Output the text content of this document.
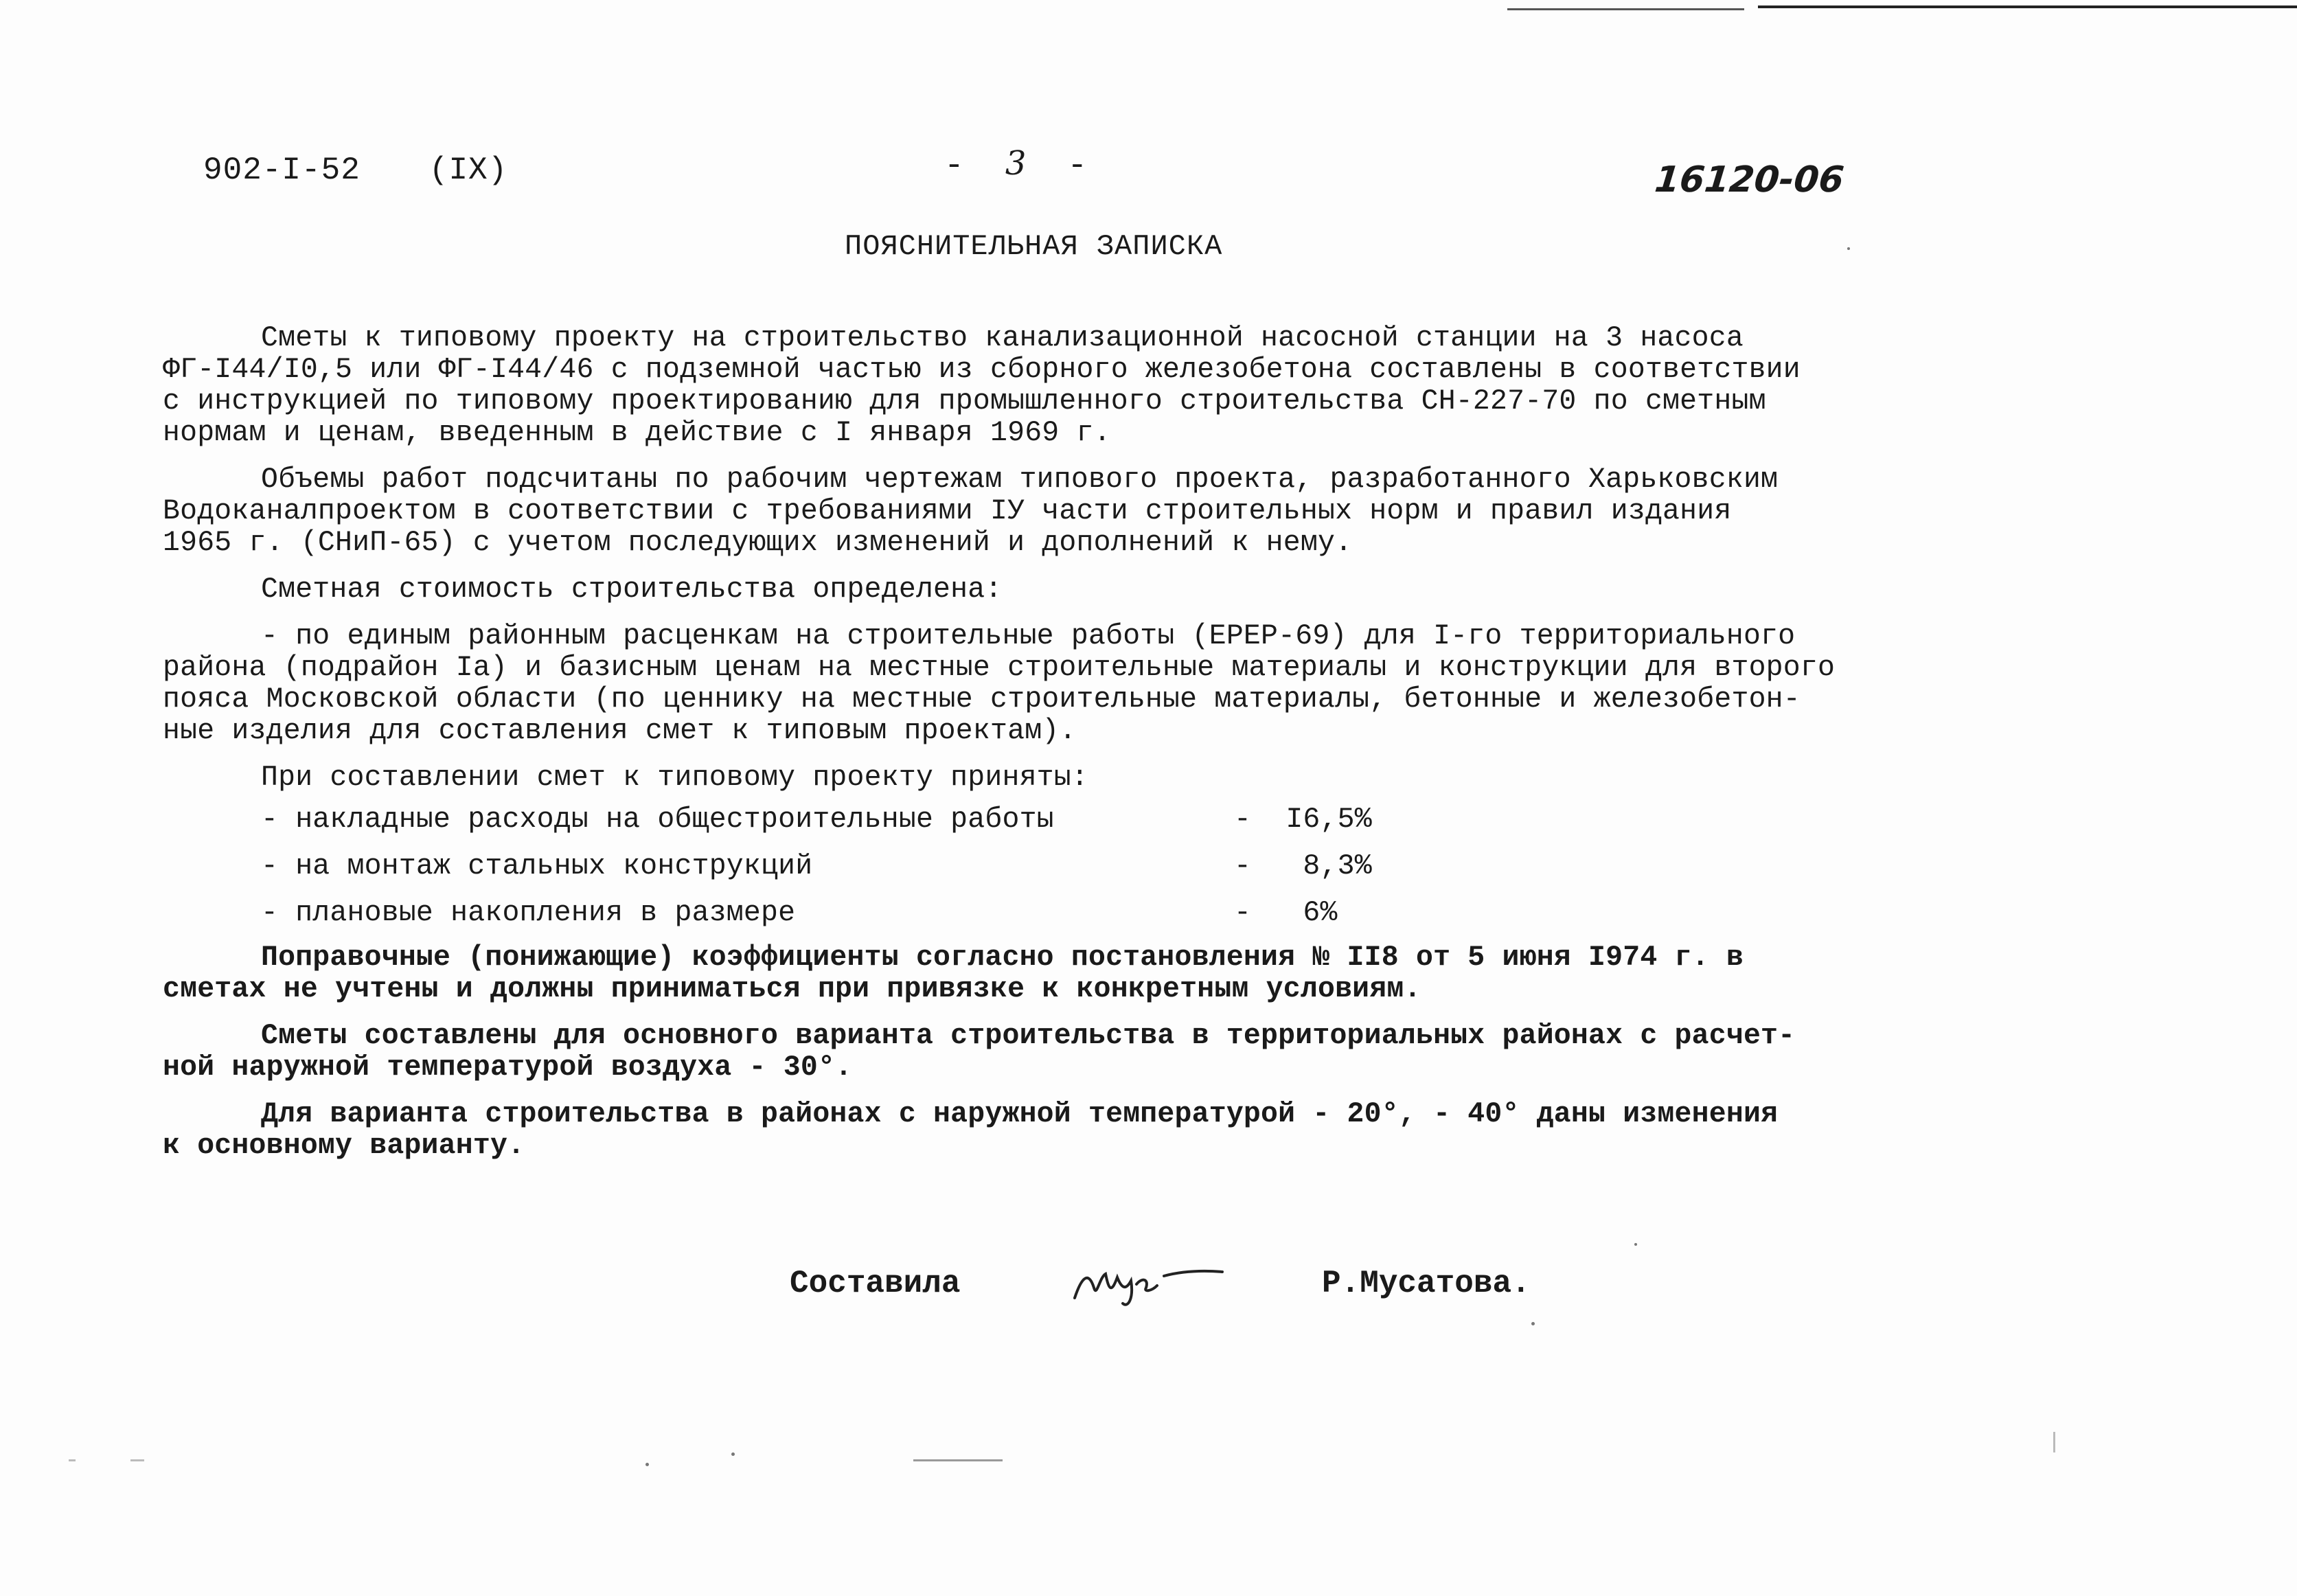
902-I-52 (IX)	- 3 -	16120-06
ПОЯСНИТЕЛЬНАЯ ЗАПИСКА
Сметы к типовому проекту на строительство канализационной насосной станции на 3 насоса
ФГ-I44/I0,5 или ФГ-I44/46 с подземной частью из сборного железобетона составлены в соответствии
с инструкцией по типовому проектированию для промышленного строительства СН-227-70 по сметным
нормам и ценам, введенным в действие с I января 1969 г.
Объемы работ подсчитаны по рабочим чертежам типового проекта, разработанного Харьковским
Водоканалпроектом в соответствии с требованиями IУ части строительных норм и правил издания
1965 г. (СНиП-65) с учетом последующих изменений и дополнений к нему.
Сметная стоимость строительства определена:
- по единым районным расценкам на строительные работы (ЕРЕР-69) для I-го территориального
района (подрайон Iа) и базисным ценам на местные строительные материалы и конструкции для второго
пояса Московской области (по ценнику на местные строительные материалы, бетонные и железобетон-
ные изделия для составления смет к типовым проектам).
При составлении смет к типовому проекту приняты:
- накладные расходы на общестроительные работы	- I6,5%
- на монтаж стальных конструкций	- 8,3%
- плановые накопления в размере	- 6%
Поправочные (понижающие) коэффициенты согласно постановления № II8 от 5 июня I974 г. в
сметах не учтены и должны приниматься при привязке к конкретным условиям.
Сметы составлены для основного варианта строительства в территориальных районах с расчет-
ной наружной температурой воздуха - 30°.
Для варианта строительства в районах с наружной температурой - 20°, - 40° даны изменения
к основному варианту.
Составила	Р.Мусатова.
